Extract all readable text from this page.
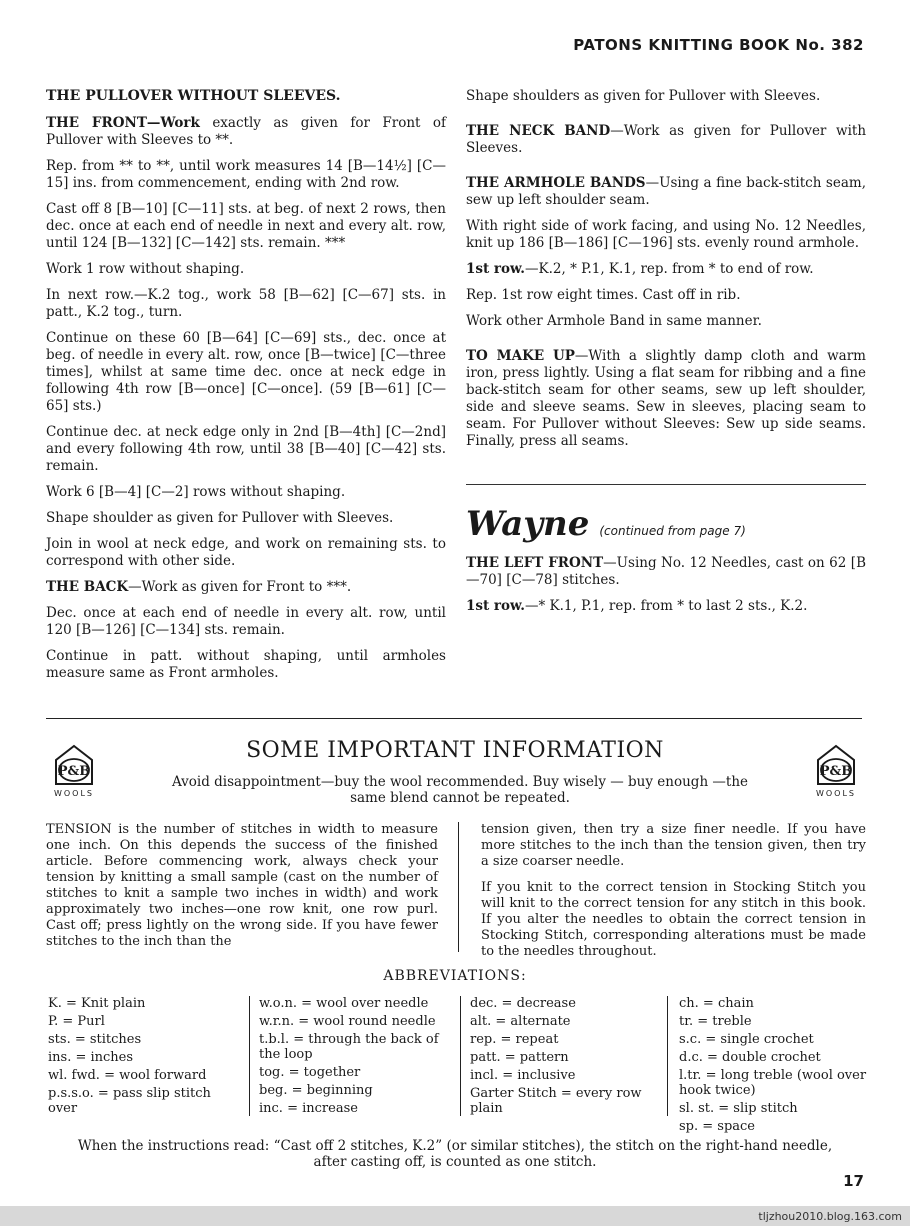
PATONS KNITTING BOOK No. 382
THE PULLOVER WITHOUT SLEEVES.

THE FRONT—Work exactly as given for Front of Pullover with Sleeves to **.

Rep. from ** to **, until work measures 14 [B—14½] [C—15] ins. from commencement, ending with 2nd row.

Cast off 8 [B—10] [C—11] sts. at beg. of next 2 rows, then dec. once at each end of needle in next and every alt. row, until 124 [B—132] [C—142] sts. remain. ***

Work 1 row without shaping.

In next row.—K.2 tog., work 58 [B—62] [C—67] sts. in patt., K.2 tog., turn.

Continue on these 60 [B—64] [C—69] sts., dec. once at beg. of needle in every alt. row, once [B—twice] [C—three times], whilst at same time dec. once at neck edge in following 4th row [B—once] [C—once]. (59 [B—61] [C—65] sts.)

Continue dec. at neck edge only in 2nd [B—4th] [C—2nd] and every following 4th row, until 38 [B—40] [C—42] sts. remain.

Work 6 [B—4] [C—2] rows without shaping.

Shape shoulder as given for Pullover with Sleeves.

Join in wool at neck edge, and work on remaining sts. to correspond with other side.

THE BACK—Work as given for Front to ***.

Dec. once at each end of needle in every alt. row, until 120 [B—126] [C—134] sts. remain.

Continue in patt. without shaping, until armholes measure same as Front armholes.

Shape shoulders as given for Pullover with Sleeves.

THE NECK BAND—Work as given for Pullover with Sleeves.

THE ARMHOLE BANDS—Using a fine back-stitch seam, sew up left shoulder seam.

With right side of work facing, and using No. 12 Needles, knit up 186 [B—186] [C—196] sts. evenly round armhole.

1st row.—K.2, * P.1, K.1, rep. from * to end of row.

Rep. 1st row eight times. Cast off in rib.

Work other Armhole Band in same manner.

TO MAKE UP—With a slightly damp cloth and warm iron, press lightly. Using a flat seam for ribbing and a fine back-stitch seam for other seams, sew up left shoulder, side and sleeve seams. Sew in sleeves, placing seam to seam. For Pullover without Sleeves: Sew up side seams. Finally, press all seams.

Wayne (continued from page 7)

THE LEFT FRONT—Using No. 12 Needles, cast on 62 [B—70] [C—78] stitches.

1st row.—* K.1, P.1, rep. from * to last 2 sts., K.2.

P&B
WOOLS
P&B
WOOLS
SOME IMPORTANT INFORMATION
Avoid disappointment—buy the wool recommended. Buy wisely — buy enough —the same blend cannot be repeated.

TENSION is the number of stitches in width to measure one inch. On this depends the success of the finished article. Before commencing work, always check your tension by knitting a small sample (cast on the number of stitches to knit a sample two inches in width) and work approximately two inches—one row knit, one row purl. Cast off; press lightly on the wrong side. If you have fewer stitches to the inch than the

tension given, then try a size finer needle. If you have more stitches to the inch than the tension given, then try a size coarser needle.

If you knit to the correct tension in Stocking Stitch you will knit to the correct tension for any stitch in this book. If you alter the needles to obtain the correct tension in Stocking Stitch, corresponding alterations must be made to the needles throughout.

ABBREVIATIONS:
K. = Knit plain
P. = Purl
sts. = stitches
ins. = inches
wl. fwd. = wool forward
p.s.s.o. = pass slip stitch over
w.o.n. = wool over needle
w.r.n. = wool round needle
t.b.l. = through the back of the loop
tog. = together
beg. = beginning
inc. = increase
dec. = decrease
alt. = alternate
rep. = repeat
patt. = pattern
incl. = inclusive
Garter Stitch = every row plain
ch. = chain
tr. = treble
s.c. = single crochet
d.c. = double crochet
l.tr. = long treble (wool over hook twice)
sl. st. = slip stitch
sp. = space
When the instructions read: “Cast off 2 stitches, K.2” (or similar stitches), the stitch on the right-hand needle, after casting off, is counted as one stitch.
17
tljzhou2010.blog.163.com
